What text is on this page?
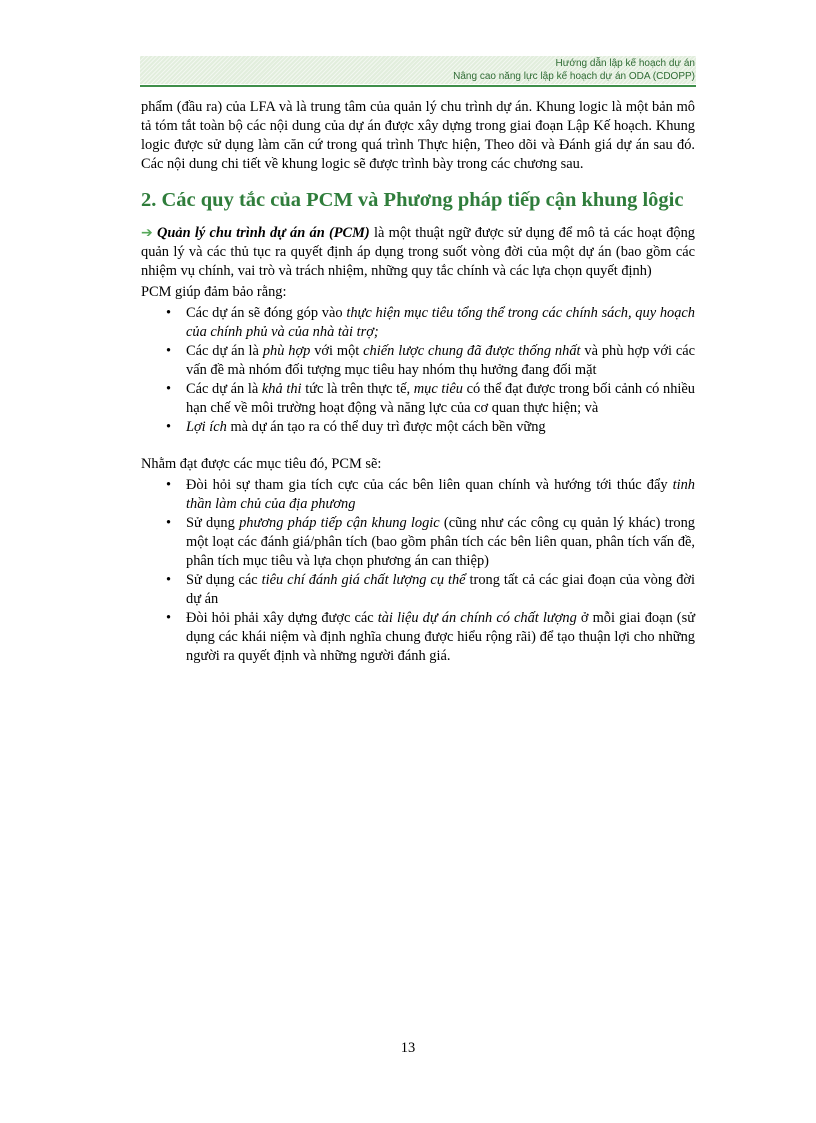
Hướng dẫn lập kế hoạch dự án
Nâng cao năng lực lập kế hoạch dự án ODA (CDOPP)

phẩm (đầu ra) của LFA và là trung tâm của quản lý chu trình dự án. Khung logic là một bản mô tả tóm tắt toàn bộ các nội dung của dự án được xây dựng trong giai đoạn Lập Kế hoạch. Khung logic được sử dụng làm căn cứ trong quá trình Thực hiện, Theo dõi và Đánh giá dự án sau đó. Các nội dung chi tiết về khung logic sẽ được trình bày trong các chương sau.

2. Các quy tắc của PCM và Phương pháp tiếp cận khung lôgic

➔ Quản lý chu trình dự án án (PCM) là một thuật ngữ được sử dụng để mô tả các hoạt động quản lý và các thủ tục ra quyết định áp dụng trong suốt vòng đời của một dự án (bao gồm các nhiệm vụ chính, vai trò và trách nhiệm, những quy tắc chính và các lựa chọn quyết định)

PCM giúp đảm bảo rằng:

• Các dự án sẽ đóng góp vào thực hiện mục tiêu tổng thể trong các chính sách, quy hoạch của chính phủ và của nhà tài trợ;
• Các dự án là phù hợp với một chiến lược chung đã được thống nhất và phù hợp với các vấn đề mà nhóm đối tượng mục tiêu hay nhóm thụ hưởng đang đối mặt
• Các dự án là khả thi tức là trên thực tế, mục tiêu có thể đạt được trong bối cảnh có nhiều hạn chế về môi trường hoạt động và năng lực của cơ quan thực hiện; và
• Lợi ích mà dự án tạo ra có thể duy trì được một cách bền vững

Nhằm đạt được các mục tiêu đó, PCM sẽ:

• Đòi hỏi sự tham gia tích cực của các bên liên quan chính và hướng tới thúc đẩy tinh thần làm chủ của địa phương
• Sử dụng phương pháp tiếp cận khung logic (cũng như các công cụ quản lý khác) trong một loạt các đánh giá/phân tích (bao gồm phân tích các bên liên quan, phân tích vấn đề, phân tích mục tiêu và lựa chọn phương án can thiệp)
• Sử dụng các tiêu chí đánh giá chất lượng cụ thể trong tất cả các giai đoạn của vòng đời dự án
• Đòi hỏi phải xây dựng được các tài liệu dự án chính có chất lượng ở mỗi giai đoạn (sử dụng các khái niệm và định nghĩa chung được hiểu rộng rãi) để tạo thuận lợi cho những người ra quyết định và những người đánh giá.
13
